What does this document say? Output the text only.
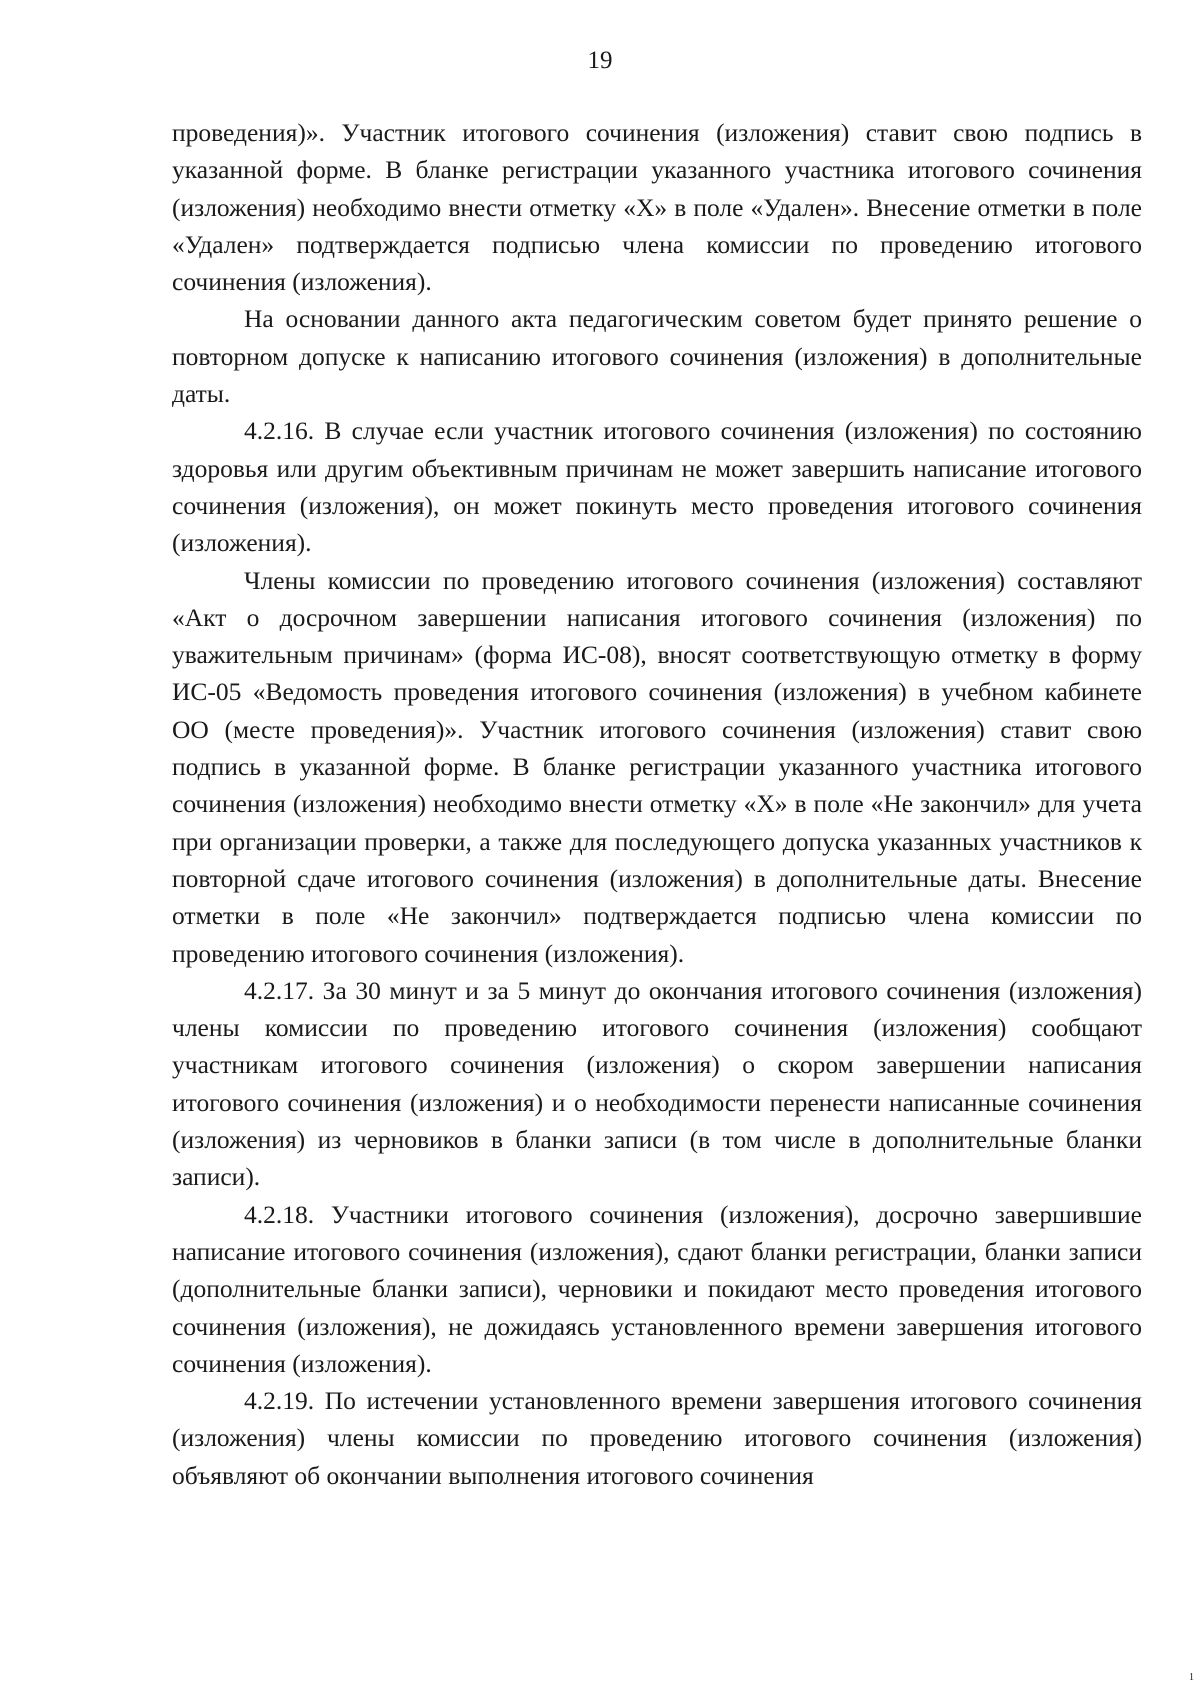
19

проведения)». Участник итогового сочинения (изложения) ставит свою подпись в указанной форме. В бланке регистрации указанного участника итогового сочинения (изложения) необходимо внести отметку «X» в поле «Удален». Внесение отметки в поле «Удален» подтверждается подписью члена комиссии по проведению итогового сочинения (изложения).

На основании данного акта педагогическим советом будет принято решение о повторном допуске к написанию итогового сочинения (изложения) в дополнительные даты.

4.2.16. В случае если участник итогового сочинения (изложения) по состоянию здоровья или другим объективным причинам не может завершить написание итогового сочинения (изложения), он может покинуть место проведения итогового сочинения (изложения).

Члены комиссии по проведению итогового сочинения (изложения) составляют «Акт о досрочном завершении написания итогового сочинения (изложения) по уважительным причинам» (форма ИС-08), вносят соответствующую отметку в форму ИС-05 «Ведомость проведения итогового сочинения (изложения) в учебном кабинете ОО (месте проведения)». Участник итогового сочинения (изложения) ставит свою подпись в указанной форме. В бланке регистрации указанного участника итогового сочинения (изложения) необходимо внести отметку «X» в поле «Не закончил» для учета при организации проверки, а также для последующего допуска указанных участников к повторной сдаче итогового сочинения (изложения) в дополнительные даты. Внесение отметки в поле «Не закончил» подтверждается подписью члена комиссии по проведению итогового сочинения (изложения).

4.2.17. За 30 минут и за 5 минут до окончания итогового сочинения (изложения) члены комиссии по проведению итогового сочинения (изложения) сообщают участникам итогового сочинения (изложения) о скором завершении написания итогового сочинения (изложения) и о необходимости перенести написанные сочинения (изложения) из черновиков в бланки записи (в том числе в дополнительные бланки записи).

4.2.18. Участники итогового сочинения (изложения), досрочно завершившие написание итогового сочинения (изложения), сдают бланки регистрации, бланки записи (дополнительные бланки записи), черновики и покидают место проведения итогового сочинения (изложения), не дожидаясь установленного времени завершения итогового сочинения (изложения).

4.2.19. По истечении установленного времени завершения итогового сочинения (изложения) члены комиссии по проведению итогового сочинения (изложения) объявляют об окончании выполнения итогового сочинения

1
